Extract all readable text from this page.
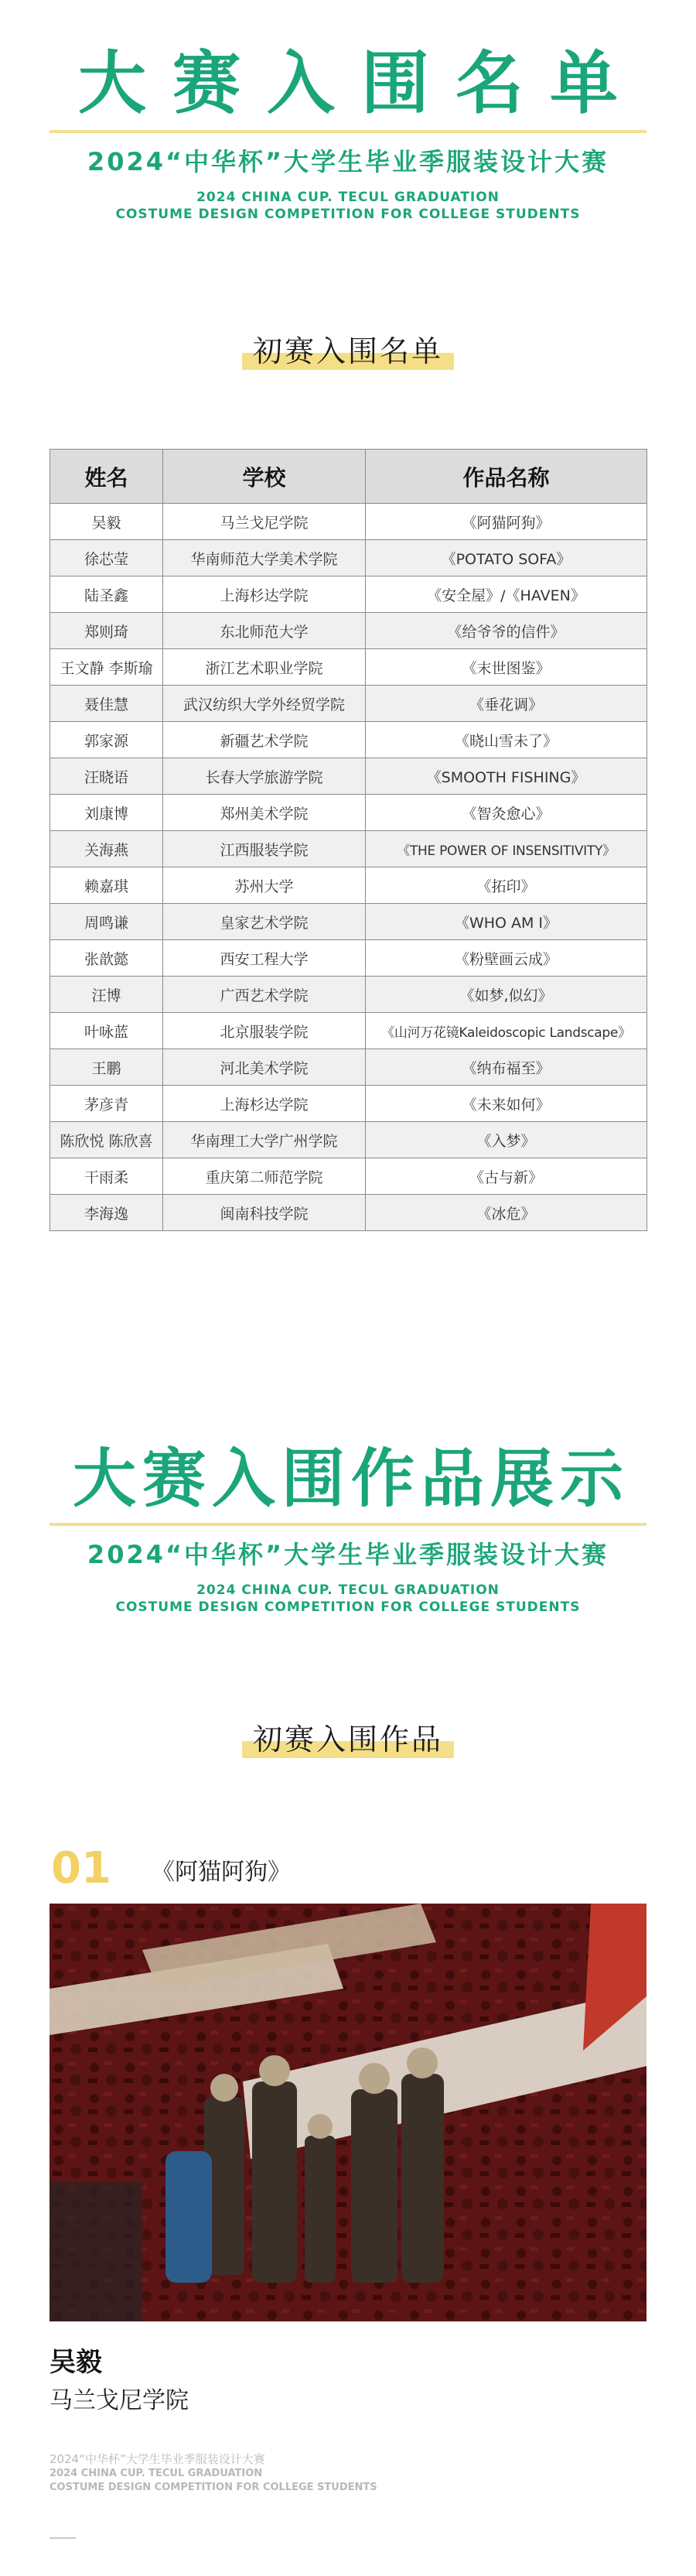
大赛入围名单
2024“中华杯”大学生毕业季服装设计大赛
2024 CHINA CUP. TECUL GRADUATION
COSTUME DESIGN COMPETITION FOR COLLEGE STUDENTS
初赛入围名单
姓名	学校	作品名称
吴毅	马兰戈尼学院	《阿猫阿狗》
徐芯莹	华南师范大学美术学院	《POTATO SOFA》
陆圣鑫	上海杉达学院	《安全屋》/《HAVEN》
郑则琦	东北师范大学	《给爷爷的信件》
王文静 李斯瑜	浙江艺术职业学院	《末世图鉴》
聂佳慧	武汉纺织大学外经贸学院	《垂花调》
郭家源	新疆艺术学院	《晓山雪未了》
汪晓语	长春大学旅游学院	《SMOOTH FISHING》
刘康博	郑州美术学院	《智灸愈心》
关海燕	江西服装学院	《THE POWER OF INSENSITIVITY》
赖嘉琪	苏州大学	《拓印》
周鸣谦	皇家艺术学院	《WHO AM I》
张歆懿	西安工程大学	《粉壁画云成》
汪博	广西艺术学院	《如梦,似幻》
叶咏蓝	北京服装学院	《山河万花镜Kaleidoscopic Landscape》
王鹏	河北美术学院	《纳布福至》
茅彦青	上海杉达学院	《未来如何》
陈欣悦 陈欣喜	华南理工大学广州学院	《入梦》
干雨柔	重庆第二师范学院	《古与新》
李海逸	闽南科技学院	《冰危》
大赛入围作品展示
2024“中华杯”大学生毕业季服装设计大赛
2024 CHINA CUP. TECUL GRADUATION
COSTUME DESIGN COMPETITION FOR COLLEGE STUDENTS
初赛入围作品
01 《阿猫阿狗》
吴毅
马兰戈尼学院
2024“中华杯”大学生毕业季服装设计大赛
2024 CHINA CUP. TECUL GRADUATION
COSTUME DESIGN COMPETITION FOR COLLEGE STUDENTS
